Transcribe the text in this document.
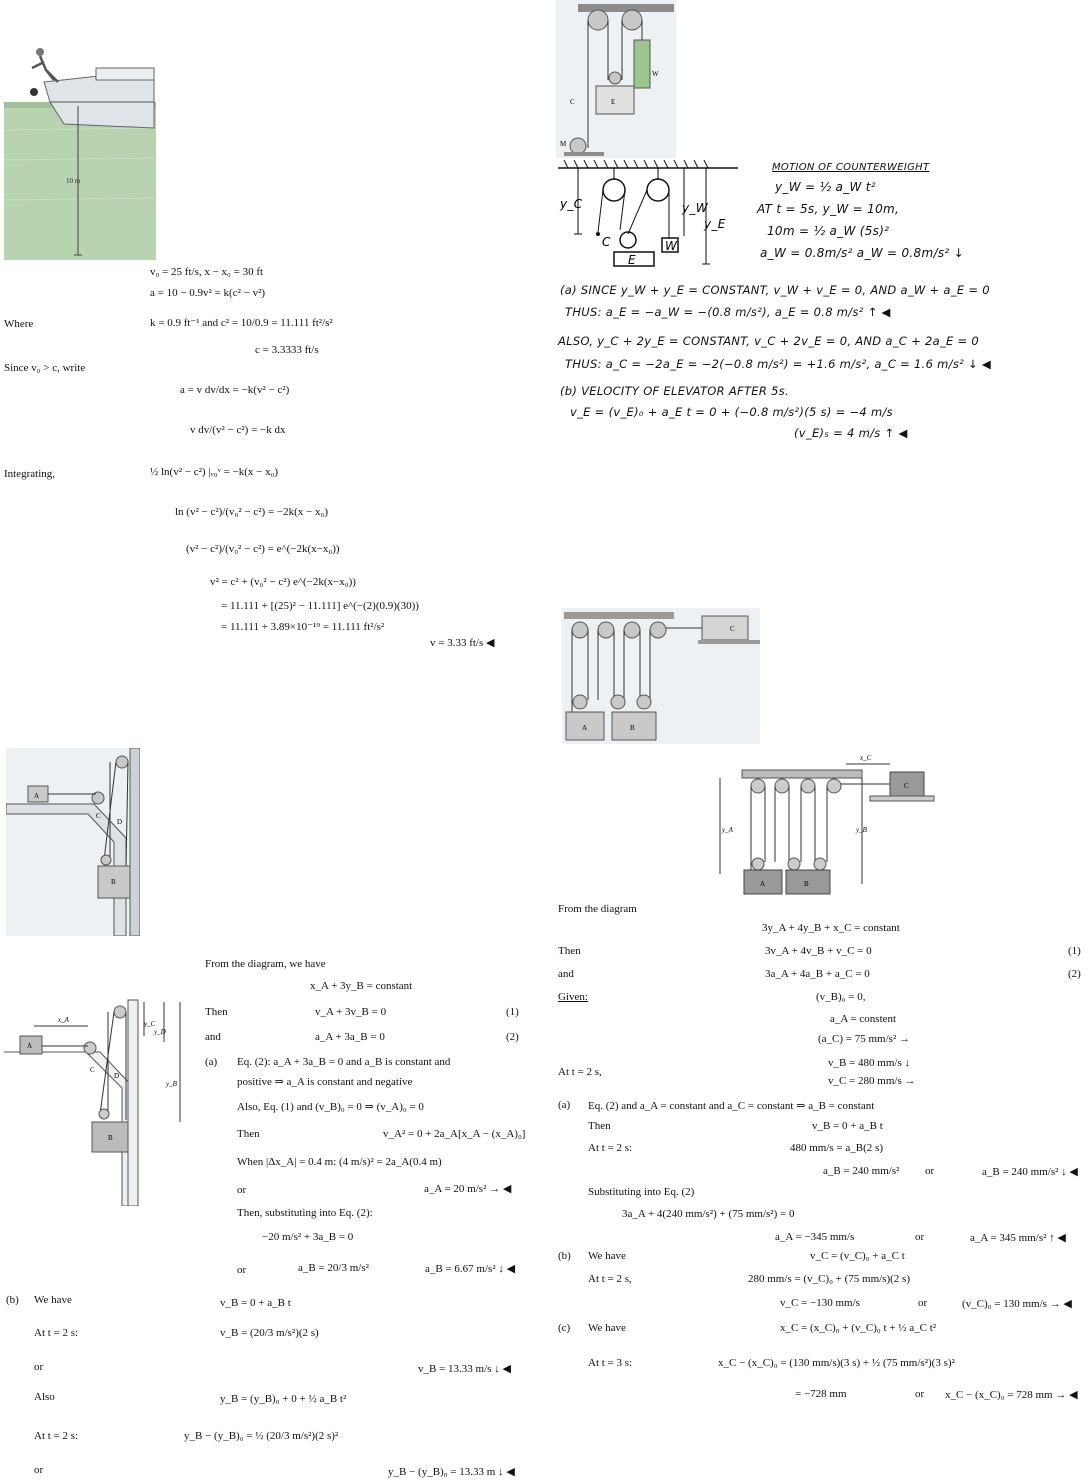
10 m
v₀ = 25 ft/s, x − x₀ = 30 ft
a = 10 − 0.9v² = k(c² − v²)
Where	k = 0.9 ft⁻¹ and c² = 10/0.9 = 11.111 ft²/s²
c = 3.3333 ft/s
Since v₀ > c, write
a = v dv/dx = −k(v² − c²)
v dv/(v² − c²) = −k dx
Integrating,	½ ln(v² − c²) |ᵥ₀ᵛ = −k(x − x₀)
ln (v² − c²)/(v₀² − c²) = −2k(x − x₀)
(v² − c²)/(v₀² − c²) = e^(−2k(x−x₀))
v² = c² + (v₀² − c²) e^(−2k(x−x₀))
= 11.111 + [(25)² − 11.111] e^(−(2)(0.9)(30))
= 11.111 + 3.89×10⁻¹⁹ = 11.111 ft²/s²
v = 3.33 ft/s ◀
W
E
C
M
y_C	y_W
y_E
C	W
E
MOTION OF COUNTERWEIGHT
y_W = ½ a_W t²
AT t = 5s, y_W = 10m,
10m = ½ a_W (5s)²
a_W = 0.8m/s² a_W = 0.8m/s² ↓
(a) SINCE y_W + y_E = CONSTANT, v_W + v_E = 0, AND a_W + a_E = 0
THUS: a_E = −a_W = −(0.8 m/s²), a_E = 0.8 m/s² ↑ ◀
ALSO, y_C + 2y_E = CONSTANT, v_C + 2v_E = 0, AND a_C + 2a_E = 0
THUS: a_C = −2a_E = −2(−0.8 m/s²) = +1.6 m/s², a_C = 1.6 m/s² ↓ ◀
(b) VELOCITY OF ELEVATOR AFTER 5s.
v_E = (v_E)₀ + a_E t = 0 + (−0.8 m/s²)(5 s) = −4 m/s
(v_E)₅ = 4 m/s ↑ ◀
A
C
D
B
A
C
D
B
x_A	y_C
y_D
y_B
From the diagram, we have
x_A + 3y_B = constant
Then	v_A + 3v_B = 0	(1)
and	a_A + 3a_B = 0	(2)
(a) Eq. (2): a_A + 3a_B = 0 and a_B is constant and
positive ⇒ a_A is constant and negative
Also, Eq. (1) and (v_B)₀ = 0 ⇒ (v_A)₀ = 0
Then	v_A² = 0 + 2a_A[x_A − (x_A)₀]
When |Δx_A| = 0.4 m: (4 m/s)² = 2a_A(0.4 m)
or	a_A = 20 m/s² → ◀
Then, substituting into Eq. (2):
−20 m/s² + 3a_B = 0
or	a_B = 20/3 m/s²	a_B = 6.67 m/s² ↓ ◀
(b) We have	v_B = 0 + a_B t
At t = 2 s:	v_B = (20/3 m/s²)(2 s)
or	v_B = 13.33 m/s ↓ ◀
Also	y_B = (y_B)₀ + 0 + ½ a_B t²
At t = 2 s:	y_B − (y_B)₀ = ½ (20/3 m/s²)(2 s)²
or	y_B − (y_B)₀ = 13.33 m ↓ ◀
C
A	B
C
A	B
y_A	y_B
x_C
From the diagram
3y_A + 4y_B + x_C = constant
Then	3v_A + 4v_B + v_C = 0	(1)
and	3a_A + 4a_B + a_C = 0	(2)
Given:	(v_B)₀ = 0,
a_A = constent
(a_C) = 75 mm/s² →
At t = 2 s,
v_B = 480 mm/s ↓
v_C = 280 mm/s →
(a) Eq. (2) and a_A = constant and a_C = constant ⇒ a_B = constant
Then	v_B = 0 + a_B t
At t = 2 s:	480 mm/s = a_B(2 s)
a_B = 240 mm/s² or	a_B = 240 mm/s² ↓ ◀
Substituting into Eq. (2)
3a_A + 4(240 mm/s²) + (75 mm/s²) = 0
a_A = −345 mm/s	or	a_A = 345 mm/s² ↑ ◀
(b) We have	v_C = (v_C)₀ + a_C t
At t = 2 s,	280 mm/s = (v_C)₀ + (75 mm/s)(2 s)
v_C = −130 mm/s	or	(v_C)₀ = 130 mm/s → ◀
(c) We have	x_C = (x_C)₀ + (v_C)₀ t + ½ a_C t²
At t = 3 s:	x_C − (x_C)₀ = (130 mm/s)(3 s) + ½ (75 mm/s²)(3 s)²
= −728 mm	or x_C − (x_C)₀ = 728 mm → ◀
